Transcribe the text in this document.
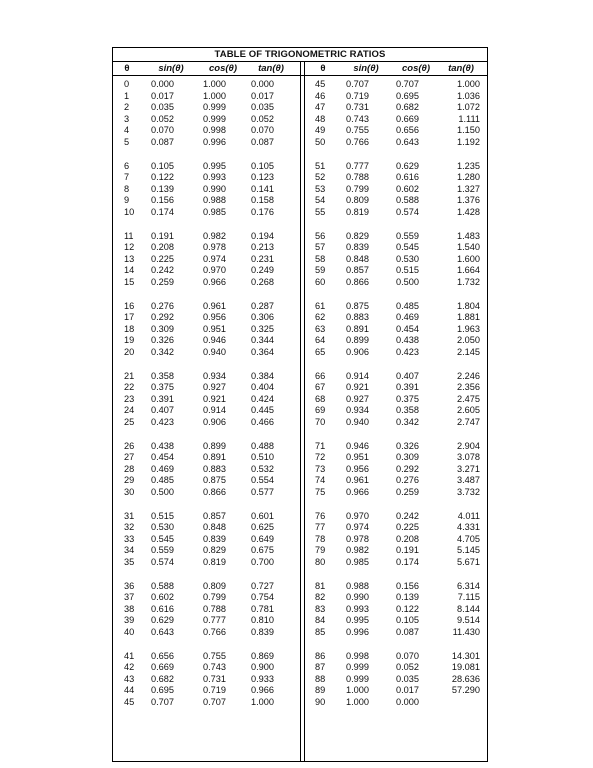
TABLE OF TRIGONOMETRIC RATIOS
θ	sin(θ)	cos(θ)	tan(θ)	θ	sin(θ)	cos(θ)	tan(θ)
0	0.000	1.000	0.000	45	0.707	0.707	1.000
1	0.017	1.000	0.017	46	0.719	0.695	1.036
2	0.035	0.999	0.035	47	0.731	0.682	1.072
3	0.052	0.999	0.052	48	0.743	0.669	1.111
4	0.070	0.998	0.070	49	0.755	0.656	1.150
5	0.087	0.996	0.087	50	0.766	0.643	1.192
6	0.105	0.995	0.105	51	0.777	0.629	1.235
7	0.122	0.993	0.123	52	0.788	0.616	1.280
8	0.139	0.990	0.141	53	0.799	0.602	1.327
9	0.156	0.988	0.158	54	0.809	0.588	1.376
10	0.174	0.985	0.176	55	0.819	0.574	1.428
11	0.191	0.982	0.194	56	0.829	0.559	1.483
12	0.208	0.978	0.213	57	0.839	0.545	1.540
13	0.225	0.974	0.231	58	0.848	0.530	1.600
14	0.242	0.970	0.249	59	0.857	0.515	1.664
15	0.259	0.966	0.268	60	0.866	0.500	1.732
16	0.276	0.961	0.287	61	0.875	0.485	1.804
17	0.292	0.956	0.306	62	0.883	0.469	1.881
18	0.309	0.951	0.325	63	0.891	0.454	1.963
19	0.326	0.946	0.344	64	0.899	0.438	2.050
20	0.342	0.940	0.364	65	0.906	0.423	2.145
21	0.358	0.934	0.384	66	0.914	0.407	2.246
22	0.375	0.927	0.404	67	0.921	0.391	2.356
23	0.391	0.921	0.424	68	0.927	0.375	2.475
24	0.407	0.914	0.445	69	0.934	0.358	2.605
25	0.423	0.906	0.466	70	0.940	0.342	2.747
26	0.438	0.899	0.488	71	0.946	0.326	2.904
27	0.454	0.891	0.510	72	0.951	0.309	3.078
28	0.469	0.883	0.532	73	0.956	0.292	3.271
29	0.485	0.875	0.554	74	0.961	0.276	3.487
30	0.500	0.866	0.577	75	0.966	0.259	3.732
31	0.515	0.857	0.601	76	0.970	0.242	4.011
32	0.530	0.848	0.625	77	0.974	0.225	4.331
33	0.545	0.839	0.649	78	0.978	0.208	4.705
34	0.559	0.829	0.675	79	0.982	0.191	5.145
35	0.574	0.819	0.700	80	0.985	0.174	5.671
36	0.588	0.809	0.727	81	0.988	0.156	6.314
37	0.602	0.799	0.754	82	0.990	0.139	7.115
38	0.616	0.788	0.781	83	0.993	0.122	8.144
39	0.629	0.777	0.810	84	0.995	0.105	9.514
40	0.643	0.766	0.839	85	0.996	0.087	11.430
41	0.656	0.755	0.869	86	0.998	0.070	14.301
42	0.669	0.743	0.900	87	0.999	0.052	19.081
43	0.682	0.731	0.933	88	0.999	0.035	28.636
44	0.695	0.719	0.966	89	1.000	0.017	57.290
45	0.707	0.707	1.000	90	1.000	0.000
